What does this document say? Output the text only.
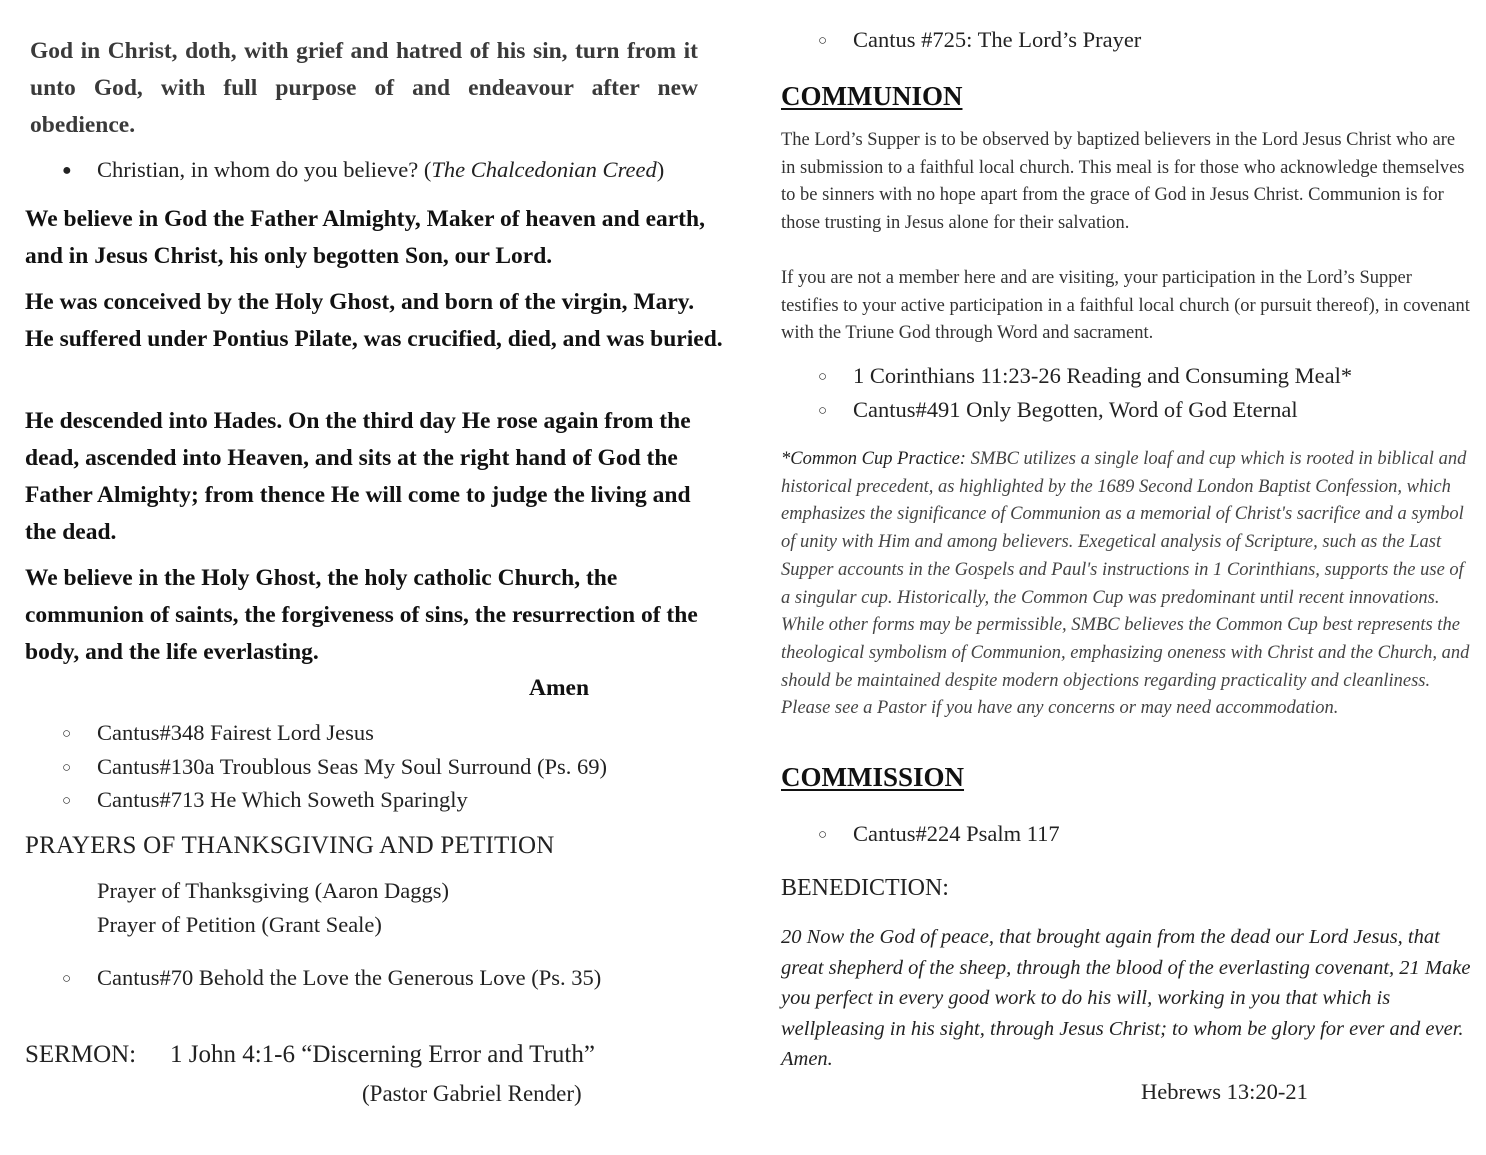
God in Christ, doth, with grief and hatred of his sin, turn from it unto God, with full purpose of and endeavour after new obedience.

● Christian, in whom do you believe? (The Chalcedonian Creed)

We believe in God the Father Almighty, Maker of heaven and earth, and in Jesus Christ, his only begotten Son, our Lord.

He was conceived by the Holy Ghost, and born of the virgin, Mary. He suffered under Pontius Pilate, was crucified, died, and was buried.

He descended into Hades. On the third day He rose again from the dead, ascended into Heaven, and sits at the right hand of God the Father Almighty; from thence He will come to judge the living and the dead.

We believe in the Holy Ghost, the holy catholic Church, the communion of saints, the forgiveness of sins, the resurrection of the body, and the life everlasting.

Amen
○ Cantus#348 Fairest Lord Jesus
○ Cantus#130a Troublous Seas My Soul Surround (Ps. 69)
○ Cantus#713 He Which Soweth Sparingly
PRAYERS OF THANKSGIVING AND PETITION
Prayer of Thanksgiving (Aaron Daggs)
Prayer of Petition (Grant Seale)
○ Cantus#70 Behold the Love the Generous Love (Ps. 35)
SERMON: 1 John 4:1-6 “Discerning Error and Truth”
(Pastor Gabriel Render)
○ Cantus #725: The Lord’s Prayer
COMMUNION

The Lord’s Supper is to be observed by baptized believers in the Lord Jesus Christ who are in submission to a faithful local church. This meal is for those who acknowledge themselves to be sinners with no hope apart from the grace of God in Jesus Christ. Communion is for those trusting in Jesus alone for their salvation.

If you are not a member here and are visiting, your participation in the Lord’s Supper testifies to your active participation in a faithful local church (or pursuit thereof), in covenant with the Triune God through Word and sacrament.

○ 1 Corinthians 11:23-26 Reading and Consuming Meal*
○ Cantus#491 Only Begotten, Word of God Eternal

*Common Cup Practice: SMBC utilizes a single loaf and cup which is rooted in biblical and historical precedent, as highlighted by the 1689 Second London Baptist Confession, which emphasizes the significance of Communion as a memorial of Christ's sacrifice and a symbol of unity with Him and among believers. Exegetical analysis of Scripture, such as the Last Supper accounts in the Gospels and Paul's instructions in 1 Corinthians, supports the use of a singular cup. Historically, the Common Cup was predominant until recent innovations. While other forms may be permissible, SMBC believes the Common Cup best represents the theological symbolism of Communion, emphasizing oneness with Christ and the Church, and should be maintained despite modern objections regarding practicality and cleanliness. Please see a Pastor if you have any concerns or may need accommodation.

COMMISSION
○ Cantus#224 Psalm 117
BENEDICTION:

20 Now the God of peace, that brought again from the dead our Lord Jesus, that great shepherd of the sheep, through the blood of the everlasting covenant, 21 Make you perfect in every good work to do his will, working in you that which is wellpleasing in his sight, through Jesus Christ; to whom be glory for ever and ever. Amen.

Hebrews 13:20-21
